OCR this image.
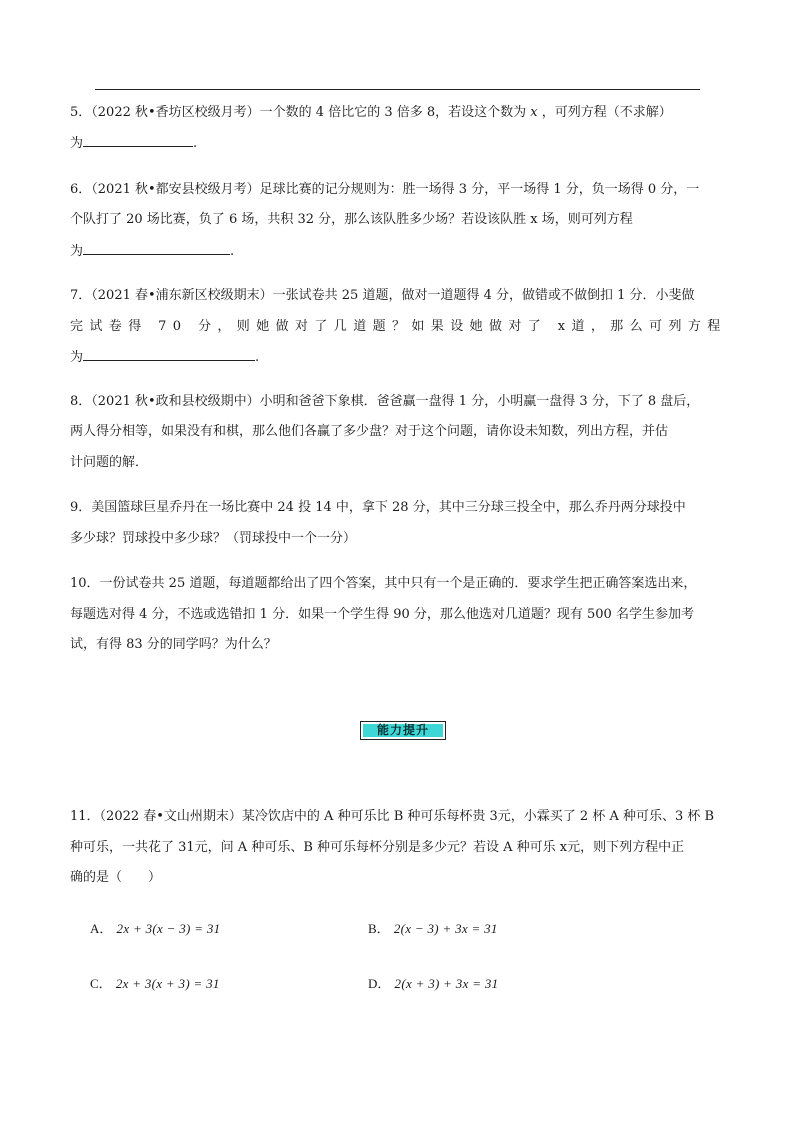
5．（2022 秋•香坊区校级月考）一个数的 4 倍比它的 3 倍多 8，若设这个数为 x ，可列方程（不求解）
为	.
6．（2021 秋•都安县校级月考）足球比赛的记分规则为：胜一场得 3 分，平一场得 1 分，负一场得 0 分，一
个队打了 20 场比赛，负了 6 场，共积 32 分，那么该队胜多少场？若设该队胜 x 场，则可列方程
为	.
7．（2021 春•浦东新区校级期末）一张试卷共 25 道题，做对一道题得 4 分，做错或不做倒扣 1 分．小斐做
完试卷得 70 分，则她做对了几道题？如果设她做对了 x道，那么可列方程
为	.
8．（2021 秋•政和县校级期中）小明和爸爸下象棋．爸爸赢一盘得 1 分，小明赢一盘得 3 分，下了 8 盘后，
两人得分相等，如果没有和棋，那么他们各赢了多少盘？对于这个问题，请你设未知数，列出方程，并估
计问题的解．
9．美国篮球巨星乔丹在一场比赛中 24 投 14 中，拿下 28 分，其中三分球三投全中，那么乔丹两分球投中
多少球？罚球投中多少球？（罚球投中一个一分）
10．一份试卷共 25 道题，每道题都给出了四个答案，其中只有一个是正确的．要求学生把正确答案选出来，
每题选对得 4 分，不选或选错扣 1 分．如果一个学生得 90 分，那么他选对几道题？现有 500 名学生参加考
试，有得 83 分的同学吗？为什么？
能力提升
11．（2022 春•文山州期末）某冷饮店中的 A 种可乐比 B 种可乐每杯贵 3元，小霖买了 2 杯 A 种可乐、3 杯 B
种可乐，一共花了 31元，问 A 种可乐、B 种可乐每杯分别是多少元？若设 A 种可乐 x元，则下列方程中正
确的是（　　）
A． 2x + 3(x − 3) = 31	B． 2(x − 3) + 3x = 31
C． 2x + 3(x + 3) = 31	D． 2(x + 3) + 3x = 31
